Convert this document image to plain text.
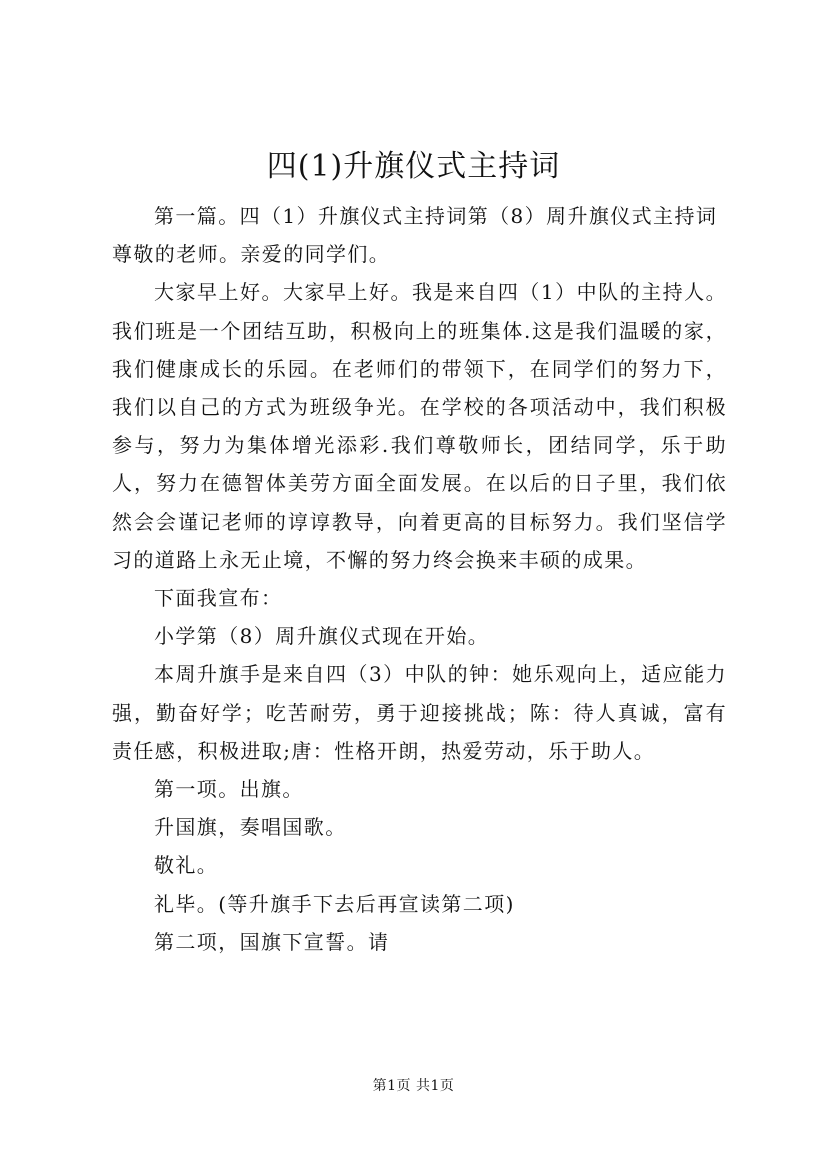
四(1)升旗仪式主持词

第一篇。四（1）升旗仪式主持词第（8）周升旗仪式主持词

尊敬的老师。亲爱的同学们。

大家早上好。大家早上好。我是来自四（1）中队的主持人。我们班是一个团结互助，积极向上的班集体.这是我们温暖的家，我们健康成长的乐园。在老师们的带领下，在同学们的努力下，我们以自己的方式为班级争光。在学校的各项活动中，我们积极参与，努力为集体增光添彩.我们尊敬师长，团结同学，乐于助人，努力在德智体美劳方面全面发展。在以后的日子里，我们依然会会谨记老师的谆谆教导，向着更高的目标努力。我们坚信学习的道路上永无止境，不懈的努力终会换来丰硕的成果。

下面我宣布：

小学第（8）周升旗仪式现在开始。

本周升旗手是来自四（3）中队的钟：她乐观向上，适应能力强，勤奋好学；吃苦耐劳，勇于迎接挑战；陈：待人真诚，富有责任感，积极进取;唐：性格开朗，热爱劳动，乐于助人。

第一项。出旗。

升国旗，奏唱国歌。

敬礼。

礼毕。(等升旗手下去后再宣读第二项)

第二项，国旗下宣誓。请

第1页 共1页
